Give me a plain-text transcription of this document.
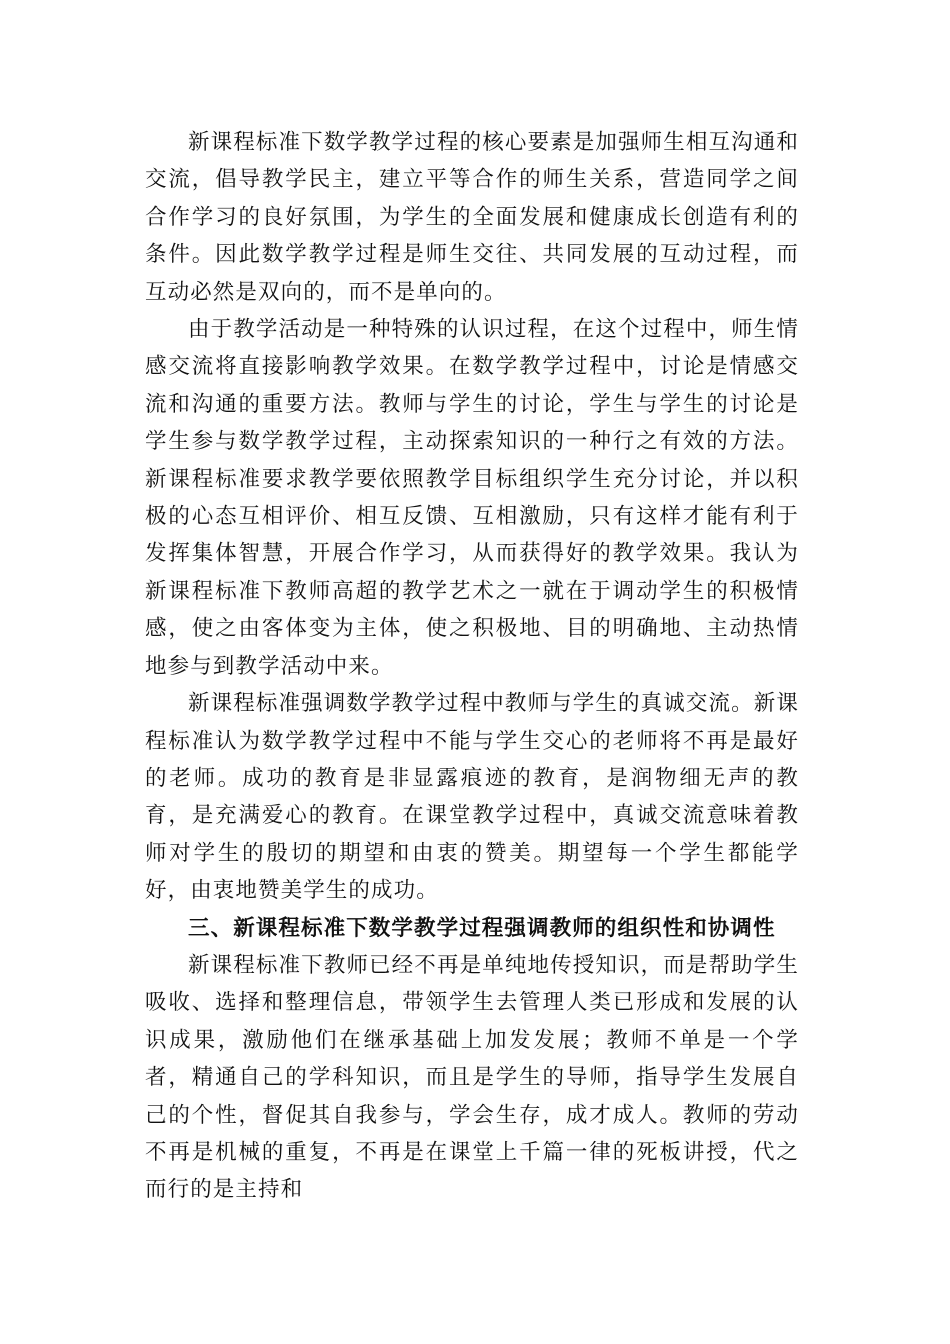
新课程标准下数学教学过程的核心要素是加强师生相互沟通和交流，倡导教学民主，建立平等合作的师生关系，营造同学之间合作学习的良好氛围，为学生的全面发展和健康成长创造有利的条件。因此数学教学过程是师生交往、共同发展的互动过程，而互动必然是双向的，而不是单向的。

由于教学活动是一种特殊的认识过程，在这个过程中，师生情感交流将直接影响教学效果。在数学教学过程中，讨论是情感交流和沟通的重要方法。教师与学生的讨论，学生与学生的讨论是学生参与数学教学过程，主动探索知识的一种行之有效的方法。新课程标准要求教学要依照教学目标组织学生充分讨论，并以积极的心态互相评价、相互反馈、互相激励，只有这样才能有利于发挥集体智慧，开展合作学习，从而获得好的教学效果。我认为新课程标准下教师高超的教学艺术之一就在于调动学生的积极情感，使之由客体变为主体，使之积极地、目的明确地、主动热情地参与到教学活动中来。

新课程标准强调数学教学过程中教师与学生的真诚交流。新课程标准认为数学教学过程中不能与学生交心的老师将不再是最好的老师。成功的教育是非显露痕迹的教育，是润物细无声的教育，是充满爱心的教育。在课堂教学过程中，真诚交流意味着教师对学生的殷切的期望和由衷的赞美。期望每一个学生都能学好，由衷地赞美学生的成功。

三、新课程标准下数学教学过程强调教师的组织性和协调性

新课程标准下教师已经不再是单纯地传授知识，而是帮助学生吸收、选择和整理信息，带领学生去管理人类已形成和发展的认识成果，激励他们在继承基础上加发发展；教师不单是一个学者，精通自己的学科知识，而且是学生的导师，指导学生发展自己的个性，督促其自我参与，学会生存，成才成人。教师的劳动不再是机械的重复，不再是在课堂上千篇一律的死板讲授，代之而行的是主持和
